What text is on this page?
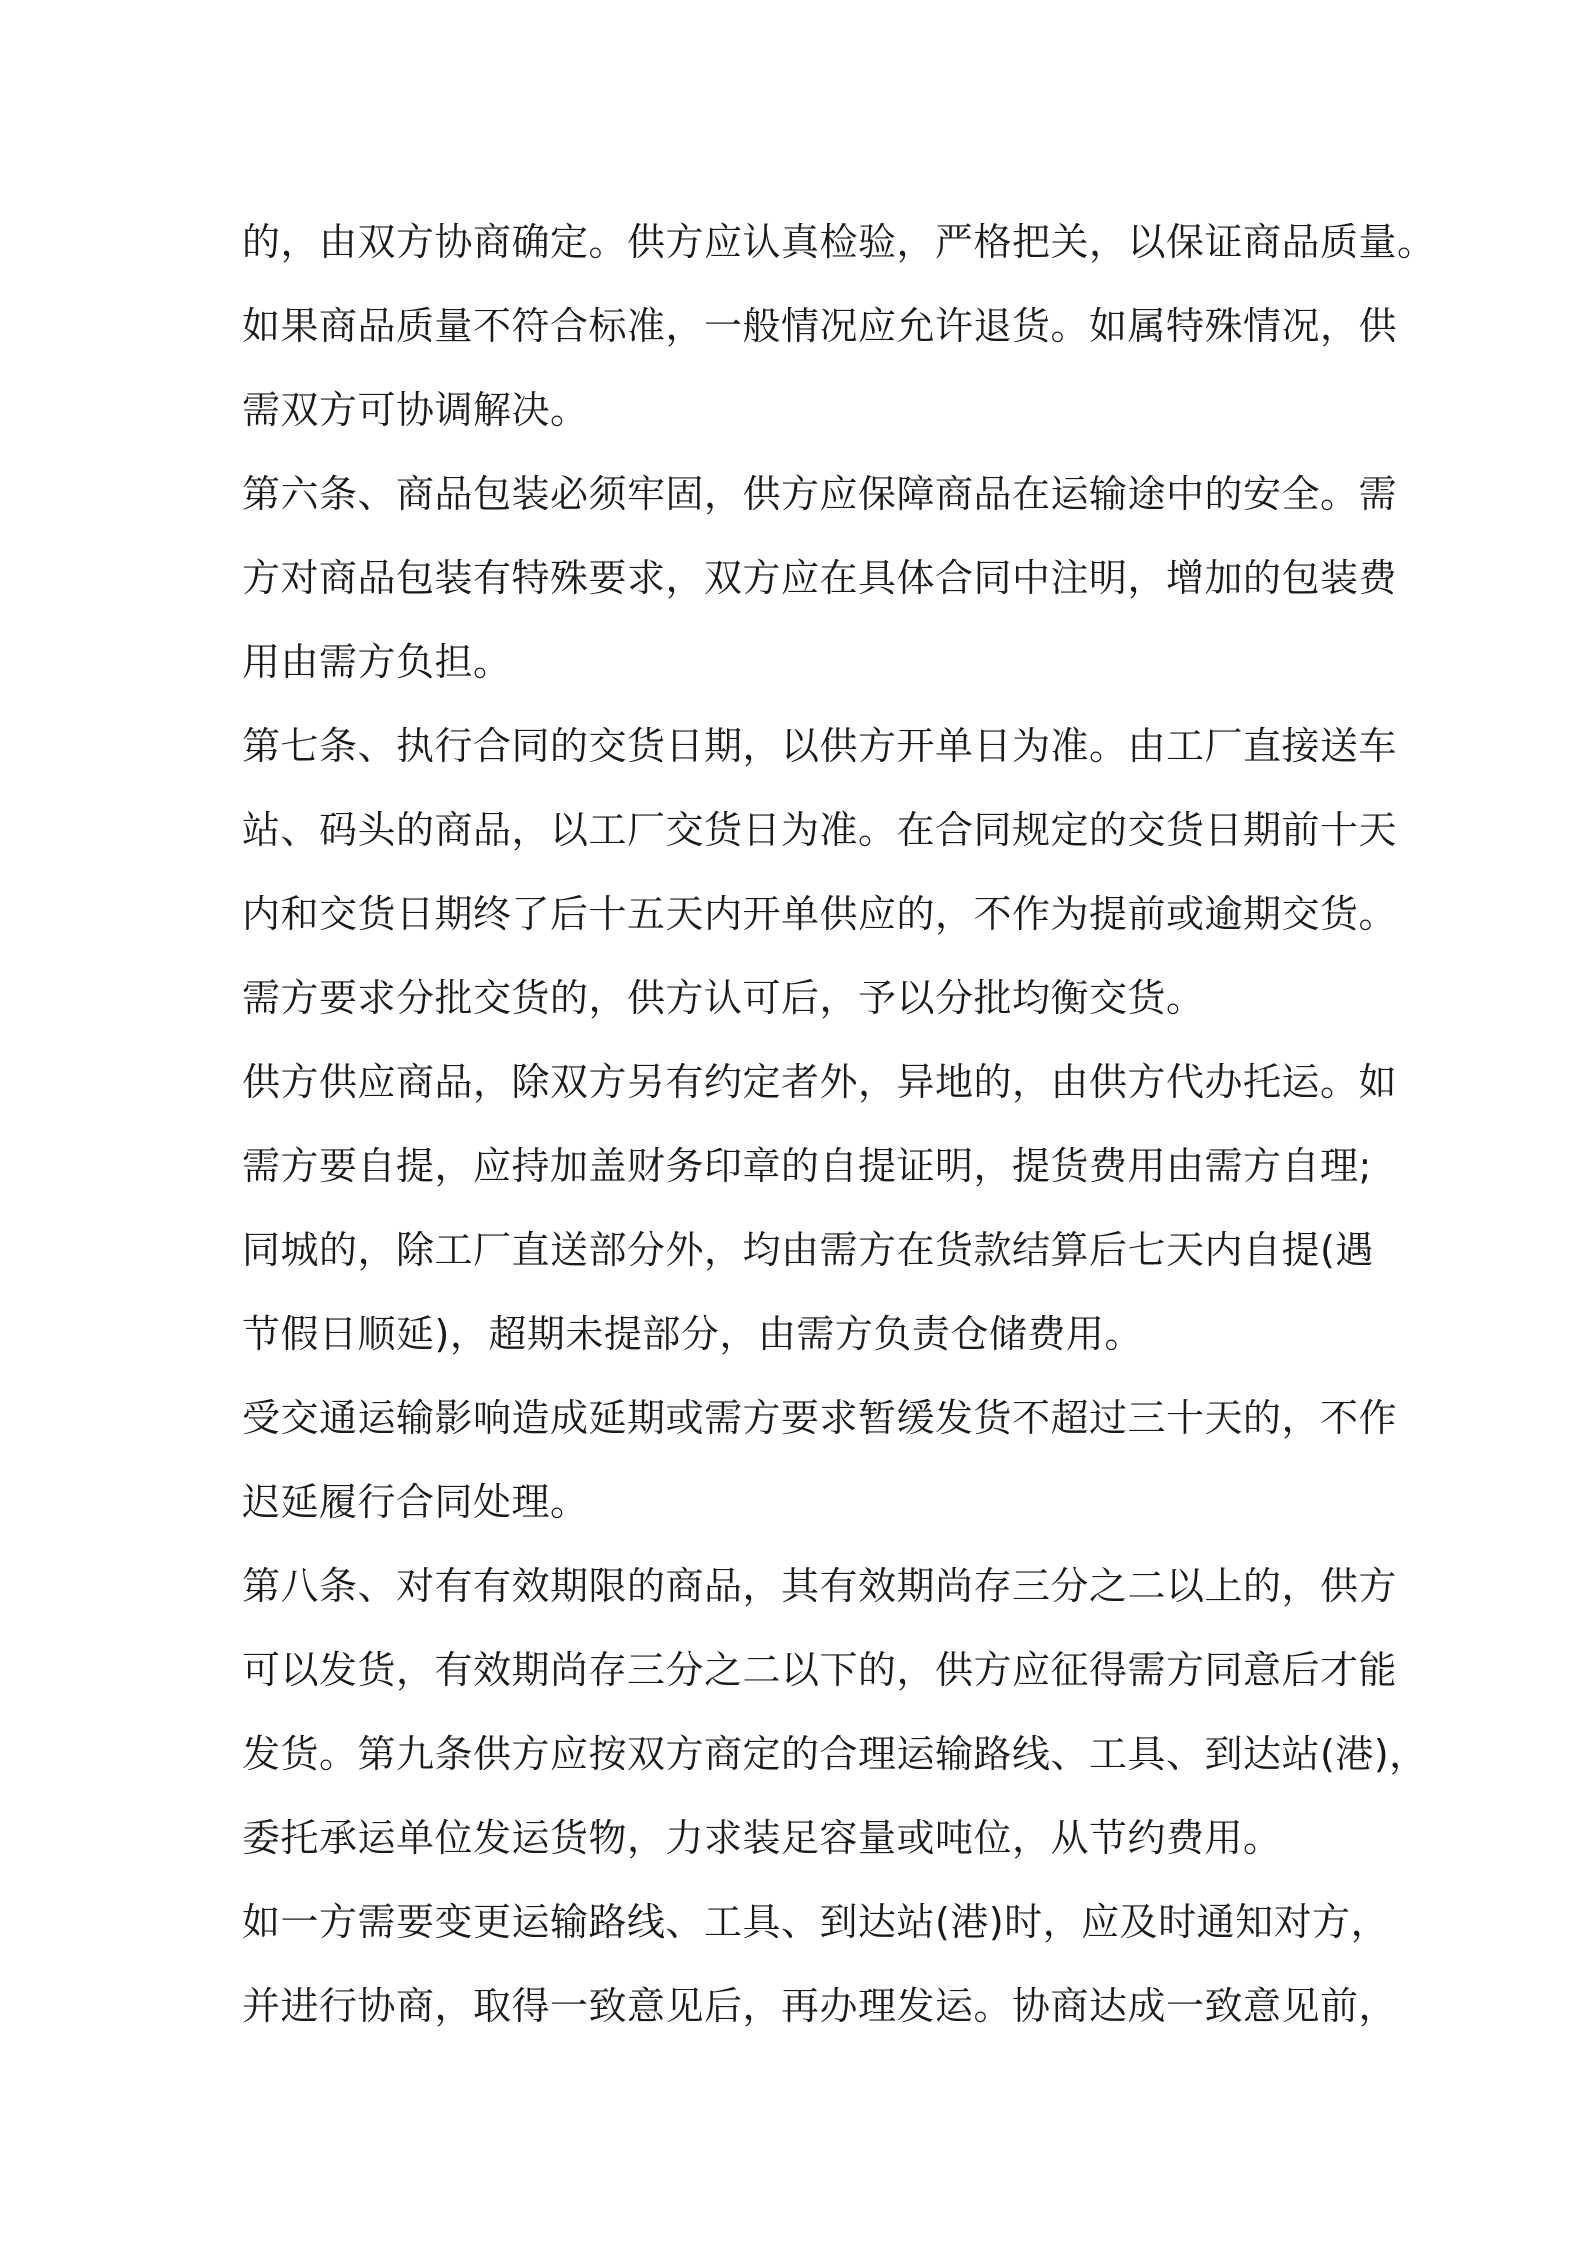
的，由双方协商确定。供方应认真检验，严格把关，以保证商品质量。
如果商品质量不符合标准，一般情况应允许退货。如属特殊情况，供
需双方可协调解决。
第六条、商品包装必须牢固，供方应保障商品在运输途中的安全。需
方对商品包装有特殊要求，双方应在具体合同中注明，增加的包装费
用由需方负担。
第七条、执行合同的交货日期，以供方开单日为准。由工厂直接送车
站、码头的商品，以工厂交货日为准。在合同规定的交货日期前十天
内和交货日期终了后十五天内开单供应的，不作为提前或逾期交货。
需方要求分批交货的，供方认可后，予以分批均衡交货。
供方供应商品，除双方另有约定者外，异地的，由供方代办托运。如
需方要自提，应持加盖财务印章的自提证明，提货费用由需方自理;
同城的，除工厂直送部分外，均由需方在货款结算后七天内自提(遇
节假日顺延)，超期未提部分，由需方负责仓储费用。
受交通运输影响造成延期或需方要求暂缓发货不超过三十天的，不作
迟延履行合同处理。
第八条、对有有效期限的商品，其有效期尚存三分之二以上的，供方
可以发货，有效期尚存三分之二以下的，供方应征得需方同意后才能
发货。第九条供方应按双方商定的合理运输路线、工具、到达站(港)，
委托承运单位发运货物，力求装足容量或吨位，从节约费用。
如一方需要变更运输路线、工具、到达站(港)时，应及时通知对方，
并进行协商，取得一致意见后，再办理发运。协商达成一致意见前，
